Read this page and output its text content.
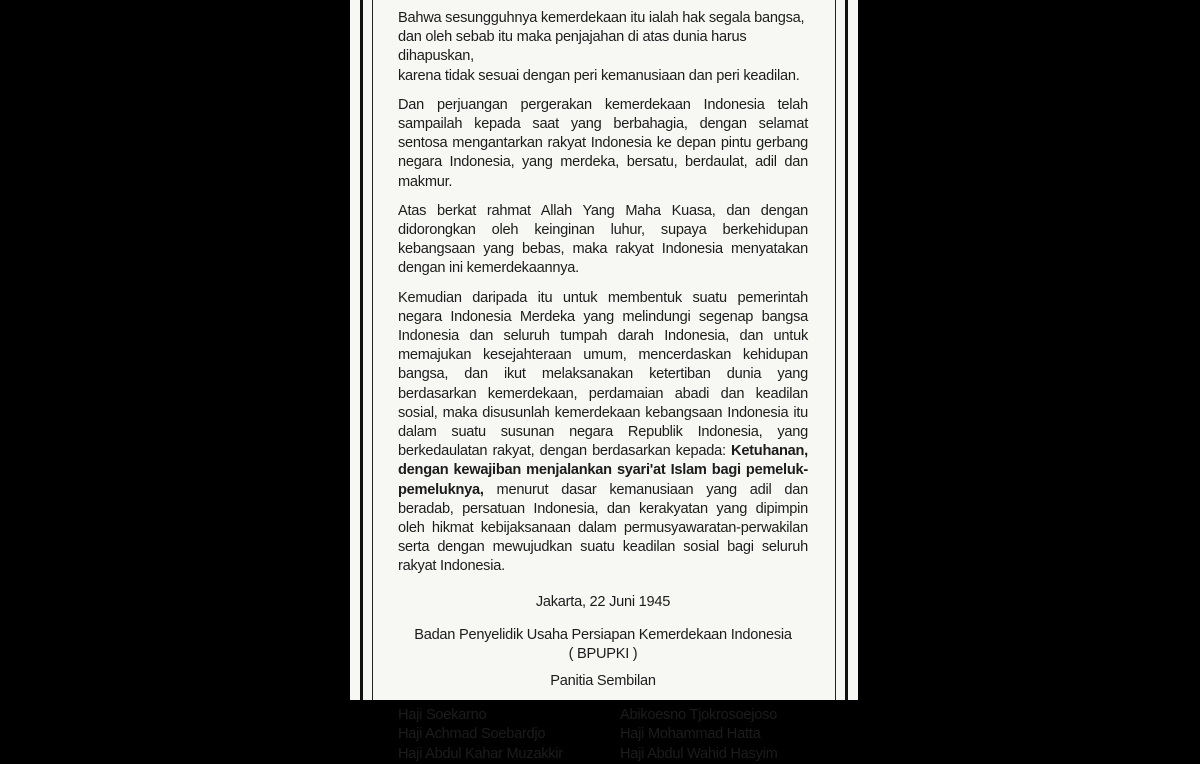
Bahwa sesungguhnya kemerdekaan itu ialah hak segala bangsa,
dan oleh sebab itu maka penjajahan di atas dunia harus dihapuskan,
karena tidak sesuai dengan peri kemanusiaan dan peri keadilan.

Dan perjuangan pergerakan kemerdekaan Indonesia telah sampailah kepada saat yang berbahagia, dengan selamat sentosa mengantarkan rakyat Indonesia ke depan pintu gerbang negara Indonesia, yang merdeka, bersatu, berdaulat, adil dan makmur.

Atas berkat rahmat Allah Yang Maha Kuasa, dan dengan didorongkan oleh keinginan luhur, supaya berkehidupan kebangsaan yang bebas, maka rakyat Indonesia menyatakan dengan ini kemerdekaannya.

Kemudian daripada itu untuk membentuk suatu pemerintah negara Indonesia Merdeka yang melindungi segenap bangsa Indonesia dan seluruh tumpah darah Indonesia, dan untuk memajukan kesejahteraan umum, mencerdaskan kehidupan bangsa, dan ikut melaksanakan ketertiban dunia yang berdasarkan kemerdekaan, perdamaian abadi dan keadilan sosial, maka disusunlah kemerdekaan kebangsaan Indonesia itu dalam suatu susunan negara Republik Indonesia, yang berkedaulatan rakyat, dengan berdasarkan kepada: Ketuhanan, dengan kewajiban menjalankan syari'at Islam bagi pemeluk-pemeluknya, menurut dasar kemanusiaan yang adil dan beradab, persatuan Indonesia, dan kerakyatan yang dipimpin oleh hikmat kebijaksanaan dalam permusyawaratan-perwakilan serta dengan mewujudkan suatu keadilan sosial bagi seluruh rakyat Indonesia.

Jakarta, 22 Juni 1945

Badan Penyelidik Usaha Persiapan Kemerdekaan Indonesia

( BPUPKI )

Panitia Sembilan

Haji Soekarno	Abikoesno Tjokrosoejoso
Haji Achmad Soebardjo	Haji Mohammad Hatta
Haji Abdul Kahar Muzakkir	Haji Abdul Wahid Hasyim
